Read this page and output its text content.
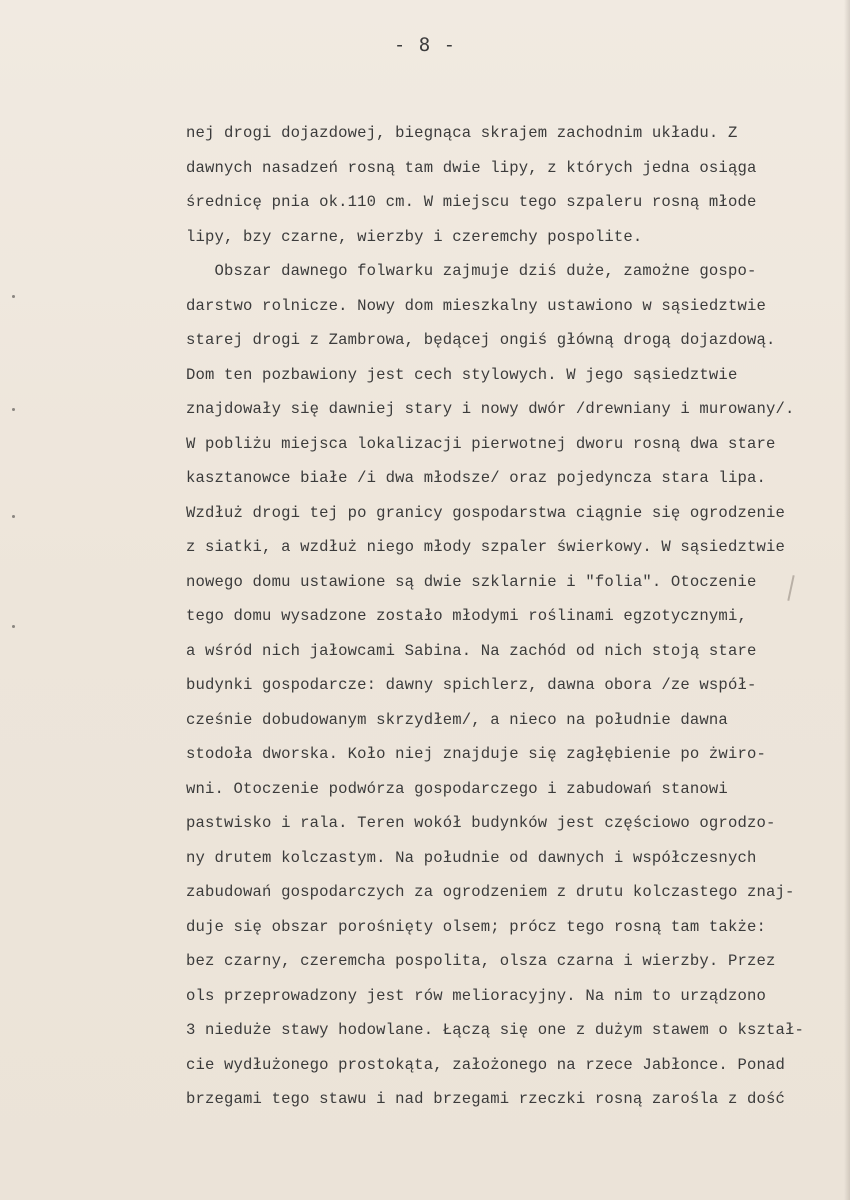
- 8 -
nej drogi dojazdowej, biegnąca skrajem zachodnim układu. Z
dawnych nasadzeń rosną tam dwie lipy, z których jedna osiąga
średnicę pnia ok.110 cm. W miejscu tego szpaleru rosną młode
lipy, bzy czarne, wierzby i czeremchy pospolite.
Obszar dawnego folwarku zajmuje dziś duże, zamożne gospo-
darstwo rolnicze. Nowy dom mieszkalny ustawiono w sąsiedztwie
starej drogi z Zambrowa, będącej ongiś główną drogą dojazdową.
Dom ten pozbawiony jest cech stylowych. W jego sąsiedztwie
znajdowały się dawniej stary i nowy dwór /drewniany i murowany/.
W pobliżu miejsca lokalizacji pierwotnej dworu rosną dwa stare
kasztanowce białe /i dwa młodsze/ oraz pojedyncza stara lipa.
Wzdłuż drogi tej po granicy gospodarstwa ciągnie się ogrodzenie
z siatki, a wzdłuż niego młody szpaler świerkowy. W sąsiedztwie
nowego domu ustawione są dwie szklarnie i "folia". Otoczenie
tego domu wysadzone zostało młodymi roślinami egzotycznymi,
a wśród nich jałowcami Sabina. Na zachód od nich stoją stare
budynki gospodarcze: dawny spichlerz, dawna obora /ze współ-
cześnie dobudowanym skrzydłem/, a nieco na południe dawna
stodoła dworska. Koło niej znajduje się zagłębienie po żwiro-
wni. Otoczenie podwórza gospodarczego i zabudowań stanowi
pastwisko i rala. Teren wokół budynków jest częściowo ogrodzo-
ny drutem kolczastym. Na południe od dawnych i współczesnych
zabudowań gospodarczych za ogrodzeniem z drutu kolczastego znaj-
duje się obszar porośnięty olsem; prócz tego rosną tam także:
bez czarny, czeremcha pospolita, olsza czarna i wierzby. Przez
ols przeprowadzony jest rów melioracyjny. Na nim to urządzono
3 nieduże stawy hodowlane. Łączą się one z dużym stawem o kształ-
cie wydłużonego prostokąta, założonego na rzece Jabłonce. Ponad
brzegami tego stawu i nad brzegami rzeczki rosną zarośla z dość
